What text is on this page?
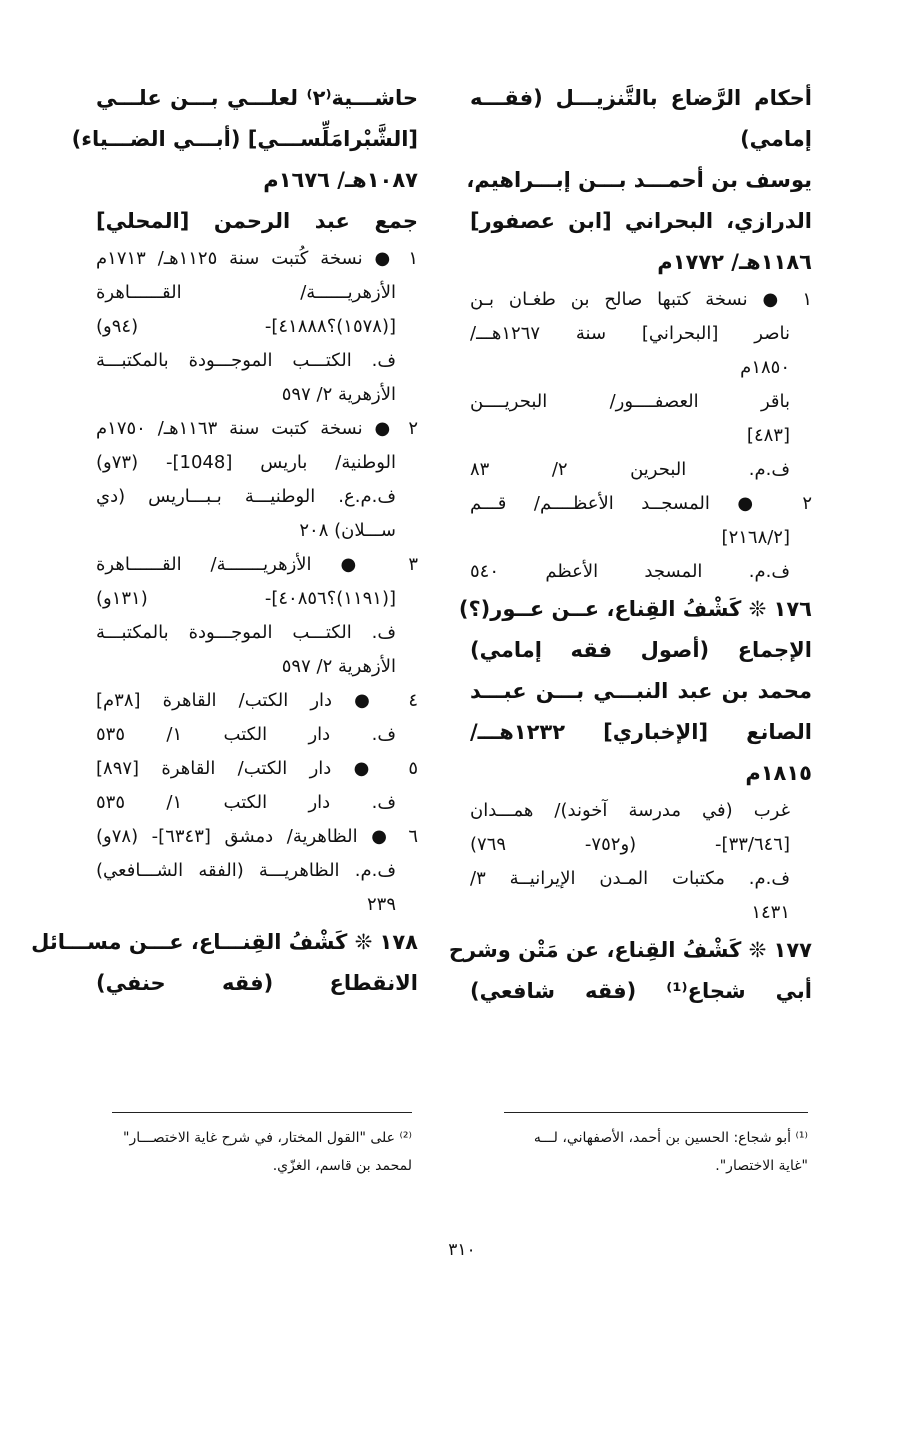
أحكام الرَّضاع بالتَّنزيـــل (فقـــه

إمامي)

يوسف بن أحمـــد بـــن إبـــراهيم،

الدرازي، البحراني [ابن عصفور]

١١٨٦هـ/ ١٧٧٢م

١ ● نسخة كتبها صالح بن طغـان بـن

ناصر [البحراني] سنة ١٢٦٧هـــ/

١٨٥٠م

باقر العصفــــور/ البحريــــن

[٤٨٣]

ف.م. البحرين ٢/ ٨٣

٢ ● المسجــد الأعظــــم/ قـــم

[٢١٦٨/٢]

ف.م. المسجد الأعظم ٥٤٠

١٧٦ ❊ كَشْفُ القِناع، عــن عــور(؟)

الإجماع (أصول فقه إمامي)

محمد بن عبد النبـــي بـــن عبـــد

الصانع [الإخباري] ١٢٣٢هـــ/

١٨١٥م

غرب (في مدرسة آخوند)/ همـــدان

[٣٣/٦٤٦]- (و٧٥٢- ٧٦٩)

ف.م. مكتبات المـدن الإيرانيــة ٣/

١٤٣١

١٧٧ ❊ كَشْفُ القِناع، عن مَتْن وشرح

أبي شجاع⁽¹⁾ (فقه شافعي)

حاشـــية⁽٢⁾ لعلـــي بـــن علـــي

[الشَّبْرامَلِّســـي] (أبـــي الضـــياء)

١٠٨٧هـ/ ١٦٧٦م

جمع عبد الرحمن [المحلي]

١ ● نسخة كُتبت سنة ١١٢٥هـ/ ١٧١٣م

الأزهريــــــة/ القــــــاهرة

[(١٥٧٨)؟٤١٨٨٨]- (٩٤و)

ف. الكتـــب الموجـــودة بالمكتبـــة

الأزهرية ٢/ ٥٩٧

٢ ● نسخة كتبت سنة ١١٦٣هـ/ ١٧٥٠م

الوطنية/ باريس [1048]- (٧٣و)

ف.م.ع. الوطنيـــة بـبـــاريس (دي

ســـلان) ٢٠٨

٣ ● الأزهريـــــــة/ القــــــاهرة

[(١١٩١)؟٤٠٨٥٦]- (١٣١و)

ف. الكتـــب الموجـــودة بالمكتبـــة

الأزهرية ٢/ ٥٩٧

٤ ● دار الكتب/ القاهرة [٣٨م]

ف. دار الكتب ١/ ٥٣٥

٥ ● دار الكتب/ القاهرة [٨٩٧]

ف. دار الكتب ١/ ٥٣٥

٦ ● الظاهرية/ دمشق [٦٣٤٣]- (٧٨و)

ف.م. الظاهريـــة (الفقه الشـــافعي)

٢٣٩

١٧٨ ❊ كَشْفُ القِنـــاع، عـــن مســـائل

الانقطاع (فقه حنفي)

⁽¹⁾ أبو شجاع: الحسين بن أحمد، الأصفهاني، لـــه
"غاية الاختصار".
⁽²⁾ على "القول المختار، في شرح غاية الاختصـــار"
لمحمد بن قاسم، الغزّي.
٣١٠
